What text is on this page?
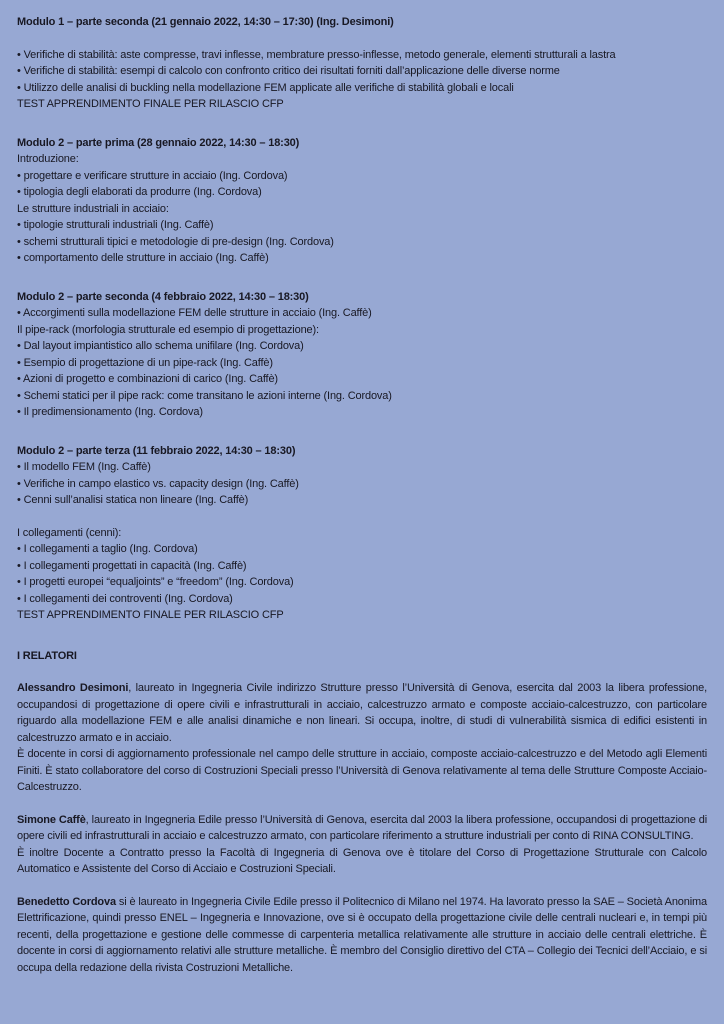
Modulo 1 – parte seconda (21 gennaio 2022, 14:30 – 17:30) (Ing. Desimoni)
• Verifiche di stabilità: aste compresse, travi inflesse, membrature presso-inflesse, metodo generale, elementi strutturali a lastra
• Verifiche di stabilità: esempi di calcolo con confronto critico dei risultati forniti dall’applicazione delle diverse norme
• Utilizzo delle analisi di buckling nella modellazione FEM applicate alle verifiche di stabilità globali e locali
TEST APPRENDIMENTO FINALE PER RILASCIO CFP
Modulo 2 – parte prima (28 gennaio 2022, 14:30 – 18:30)
Introduzione:
• progettare e verificare strutture in acciaio (Ing. Cordova)
• tipologia degli elaborati da produrre (Ing. Cordova)
Le strutture industriali in acciaio:
• tipologie strutturali industriali (Ing. Caffè)
• schemi strutturali tipici e metodologie di pre-design (Ing. Cordova)
• comportamento delle strutture in acciaio (Ing. Caffè)
Modulo 2 – parte seconda (4 febbraio 2022, 14:30 – 18:30)
• Accorgimenti sulla modellazione FEM delle strutture in acciaio (Ing. Caffè)
Il pipe-rack (morfologia strutturale ed esempio di progettazione):
• Dal layout impiantistico allo schema unifilare (Ing. Cordova)
• Esempio di progettazione di un pipe-rack (Ing. Caffè)
• Azioni di progetto e combinazioni di carico (Ing. Caffè)
• Schemi statici per il pipe rack: come transitano le azioni interne (Ing. Cordova)
• Il predimensionamento (Ing. Cordova)
Modulo 2 – parte terza (11 febbraio 2022, 14:30 – 18:30)
• Il modello FEM (Ing. Caffè)
• Verifiche in campo elastico vs. capacity design (Ing. Caffè)
• Cenni sull’analisi statica non lineare (Ing. Caffè)
I collegamenti (cenni):
• I collegamenti a taglio (Ing. Cordova)
• I collegamenti progettati in capacità (Ing. Caffè)
• I progetti europei “equaljoints” e “freedom” (Ing. Cordova)
• I collegamenti dei controventi (Ing. Cordova)
TEST APPRENDIMENTO FINALE PER RILASCIO CFP
I RELATORI

Alessandro Desimoni, laureato in Ingegneria Civile indirizzo Strutture presso l’Università di Genova, esercita dal 2003 la libera professione, occupandosi di progettazione di opere civili e infrastrutturali in acciaio, calcestruzzo armato e composte acciaio-calcestruzzo, con particolare riguardo alla modellazione FEM e alle analisi dinamiche e non lineari. Si occupa, inoltre, di studi di vulnerabilità sismica di edifici esistenti in calcestruzzo armato e in acciaio.

È docente in corsi di aggiornamento professionale nel campo delle strutture in acciaio, composte acciaio-calcestruzzo e del Metodo agli Elementi Finiti. È stato collaboratore del corso di Costruzioni Speciali presso l’Università di Genova relativamente al tema delle Strutture Composte Acciaio-Calcestruzzo.

Simone Caffè, laureato in Ingegneria Edile presso l’Università di Genova, esercita dal 2003 la libera professione, occupandosi di progettazione di opere civili ed infrastrutturali in acciaio e calcestruzzo armato, con particolare riferimento a strutture industriali per conto di RINA CONSULTING.

È inoltre Docente a Contratto presso la Facoltà di Ingegneria di Genova ove è titolare del Corso di Progettazione Strutturale con Calcolo Automatico e Assistente del Corso di Acciaio e Costruzioni Speciali.

Benedetto Cordova si è laureato in Ingegneria Civile Edile presso il Politecnico di Milano nel 1974. Ha lavorato presso la SAE – Società Anonima Elettrificazione, quindi presso ENEL – Ingegneria e Innovazione, ove si è occupato della progettazione civile delle centrali nucleari e, in tempi più recenti, della progettazione e gestione delle commesse di carpenteria metallica relativamente alle strutture in acciaio delle centrali elettriche. È docente in corsi di aggiornamento relativi alle strutture metalliche. È membro del Consiglio direttivo del CTA – Collegio dei Tecnici dell’Acciaio, e si occupa della redazione della rivista Costruzioni Metalliche.
